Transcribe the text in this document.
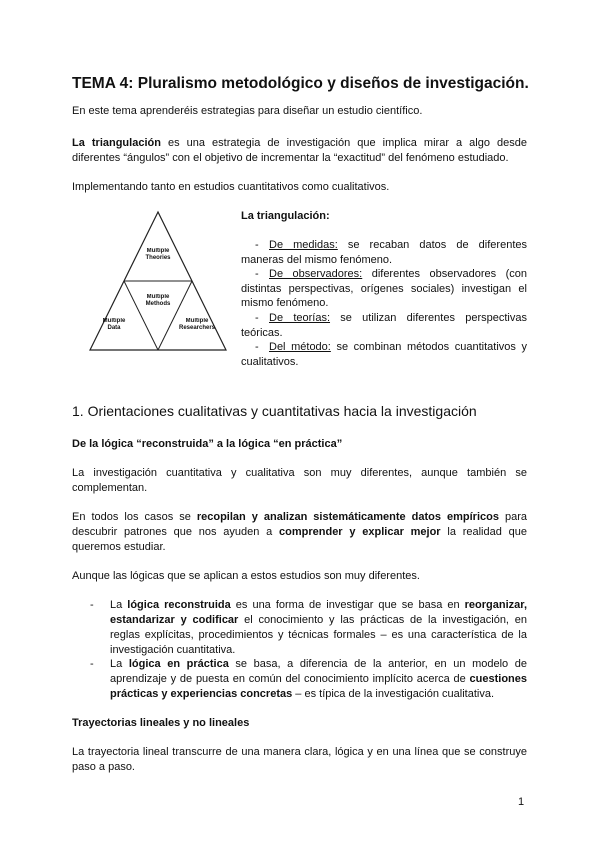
TEMA 4: Pluralismo metodológico y diseños de investigación.
En este tema aprenderéis estrategias para diseñar un estudio científico.
La triangulación es una estrategia de investigación que implica mirar a algo desde diferentes “ángulos” con el objetivo de incrementar la “exactitud” del fenómeno estudiado.
Implementando tanto en estudios cuantitativos como cualitativos.
Multiple Theories
Multiple Methods
Multiple Data
Multiple Researchers
La triangulación:
- De medidas: se recaban datos de diferentes maneras del mismo fenómeno.
- De observadores: diferentes observadores (con distintas perspectivas, orígenes sociales) investigan el mismo fenómeno.
- De teorías: se utilizan diferentes perspectivas teóricas.
- Del método: se combinan métodos cuantitativos y cualitativos.
1. Orientaciones cualitativas y cuantitativas hacia la investigación
De la lógica “reconstruida” a la lógica “en práctica”
La investigación cuantitativa y cualitativa son muy diferentes, aunque también se complementan.
En todos los casos se recopilan y analizan sistemáticamente datos empíricos para descubrir patrones que nos ayuden a comprender y explicar mejor la realidad que queremos estudiar.
Aunque las lógicas que se aplican a estos estudios son muy diferentes.
- La lógica reconstruida es una forma de investigar que se basa en reorganizar, estandarizar y codificar el conocimiento y las prácticas de la investigación, en reglas explícitas, procedimientos y técnicas formales – es una característica de la investigación cuantitativa.
- La lógica en práctica se basa, a diferencia de la anterior, en un modelo de aprendizaje y de puesta en común del conocimiento implícito acerca de cuestiones prácticas y experiencias concretas – es típica de la investigación cualitativa.
Trayectorias lineales y no lineales
La trayectoria lineal transcurre de una manera clara, lógica y en una línea que se construye paso a paso.
1
